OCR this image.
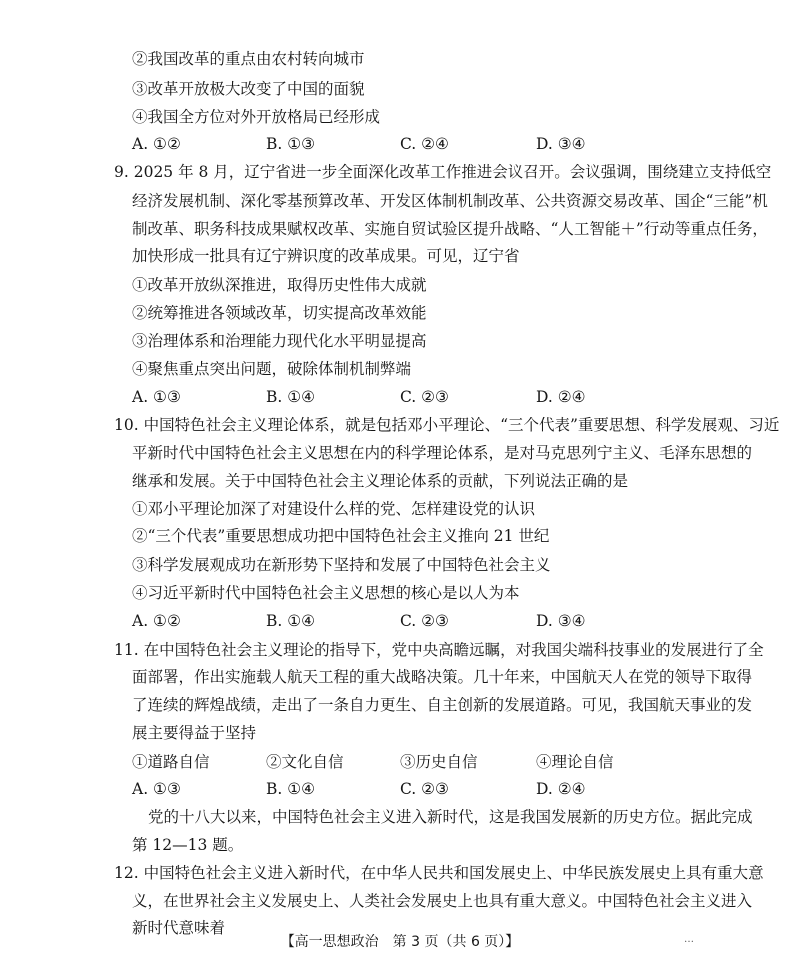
②我国改革的重点由农村转向城市
③改革开放极大改变了中国的面貌
④我国全方位对外开放格局已经形成
A. ①②	B. ①③	C. ②④	D. ③④
9. 2025 年 8 月，辽宁省进一步全面深化改革工作推进会议召开。会议强调，围绕建立支持低空
经济发展机制、深化零基预算改革、开发区体制机制改革、公共资源交易改革、国企“三能”机
制改革、职务科技成果赋权改革、实施自贸试验区提升战略、“人工智能＋”行动等重点任务，
加快形成一批具有辽宁辨识度的改革成果。可见，辽宁省
①改革开放纵深推进，取得历史性伟大成就
②统筹推进各领域改革，切实提高改革效能
③治理体系和治理能力现代化水平明显提高
④聚焦重点突出问题，破除体制机制弊端
A. ①③	B. ①④	C. ②③	D. ②④
10. 中国特色社会主义理论体系，就是包括邓小平理论、“三个代表”重要思想、科学发展观、习近
平新时代中国特色社会主义思想在内的科学理论体系，是对马克思列宁主义、毛泽东思想的
继承和发展。关于中国特色社会主义理论体系的贡献，下列说法正确的是
①邓小平理论加深了对建设什么样的党、怎样建设党的认识
②“三个代表”重要思想成功把中国特色社会主义推向 21 世纪
③科学发展观成功在新形势下坚持和发展了中国特色社会主义
④习近平新时代中国特色社会主义思想的核心是以人为本
A. ①②	B. ①④	C. ②③	D. ③④
11. 在中国特色社会主义理论的指导下，党中央高瞻远瞩，对我国尖端科技事业的发展进行了全
面部署，作出实施载人航天工程的重大战略决策。几十年来，中国航天人在党的领导下取得
了连续的辉煌战绩，走出了一条自力更生、自主创新的发展道路。可见，我国航天事业的发
展主要得益于坚持
①道路自信	②文化自信	③历史自信	④理论自信
A. ①③	B. ①④	C. ②③	D. ②④
党的十八大以来，中国特色社会主义进入新时代，这是我国发展新的历史方位。据此完成
第 12—13 题。
12. 中国特色社会主义进入新时代，在中华人民共和国发展史上、中华民族发展史上具有重大意
义，在世界社会主义发展史上、人类社会发展史上也具有重大意义。中国特色社会主义进入
新时代意味着
【高一思想政治　第 3 页（共 6 页）】	…
